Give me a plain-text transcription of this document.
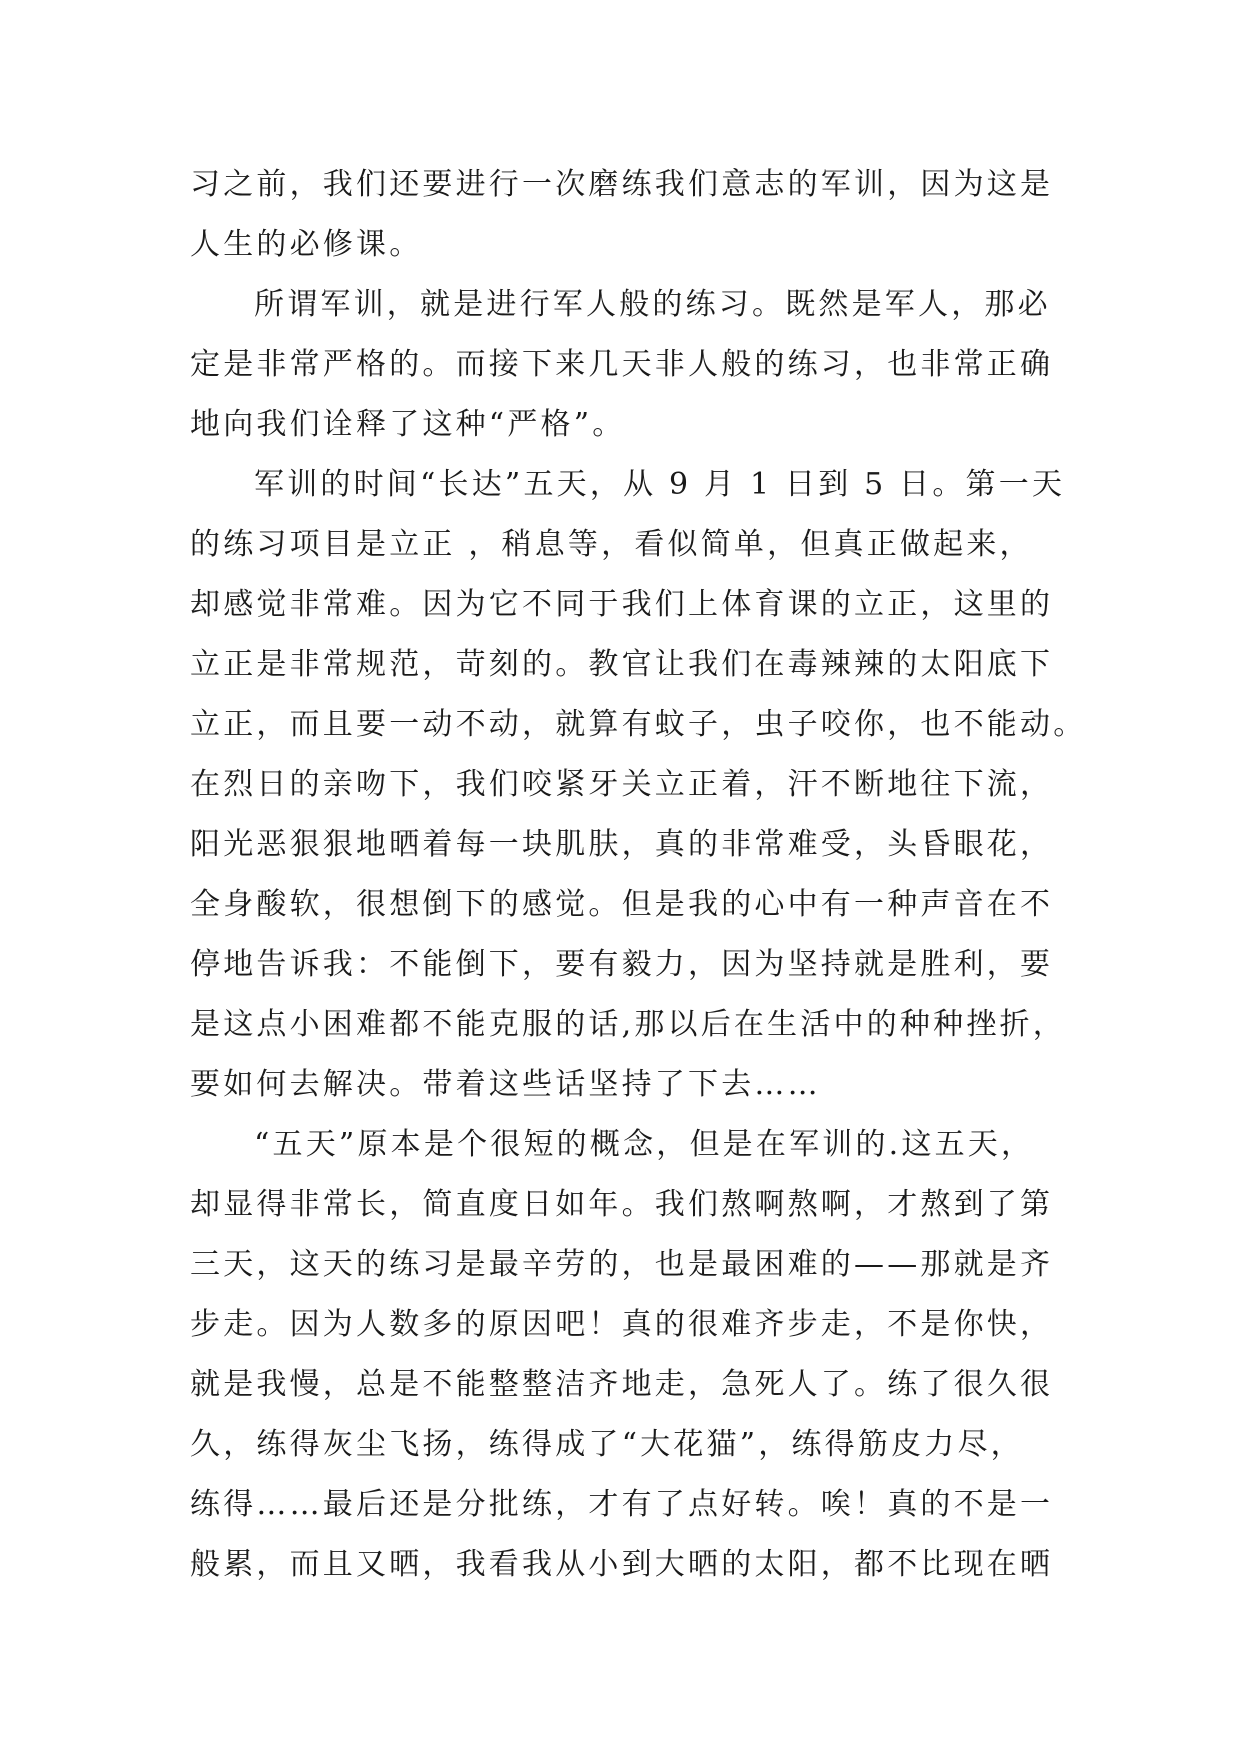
习之前，我们还要进行一次磨练我们意志的军训，因为这是
人生的必修课。
所谓军训，就是进行军人般的练习。既然是军人，那必
定是非常严格的。而接下来几天非人般的练习，也非常正确
地向我们诠释了这种“严格”。
军训的时间“长达”五天，从 9 月 1 日到 5 日。第一天
的练习项目是立正 ，稍息等，看似简单，但真正做起来，
却感觉非常难。因为它不同于我们上体育课的立正，这里的
立正是非常规范，苛刻的。教官让我们在毒辣辣的太阳底下
立正，而且要一动不动，就算有蚊子，虫子咬你，也不能动。
在烈日的亲吻下，我们咬紧牙关立正着，汗不断地往下流，
阳光恶狠狠地晒着每一块肌肤，真的非常难受，头昏眼花，
全身酸软，很想倒下的感觉。但是我的心中有一种声音在不
停地告诉我：不能倒下，要有毅力，因为坚持就是胜利，要
是这点小困难都不能克服的话,那以后在生活中的种种挫折，
要如何去解决。带着这些话坚持了下去……
“五天”原本是个很短的概念，但是在军训的.这五天，
却显得非常长，简直度日如年。我们熬啊熬啊，才熬到了第
三天，这天的练习是最辛劳的，也是最困难的——那就是齐
步走。因为人数多的原因吧！真的很难齐步走，不是你快，
就是我慢，总是不能整整洁齐地走，急死人了。练了很久很
久，练得灰尘飞扬，练得成了“大花猫”，练得筋皮力尽，
练得……最后还是分批练，才有了点好转。唉！真的不是一
般累，而且又晒，我看我从小到大晒的太阳，都不比现在晒
